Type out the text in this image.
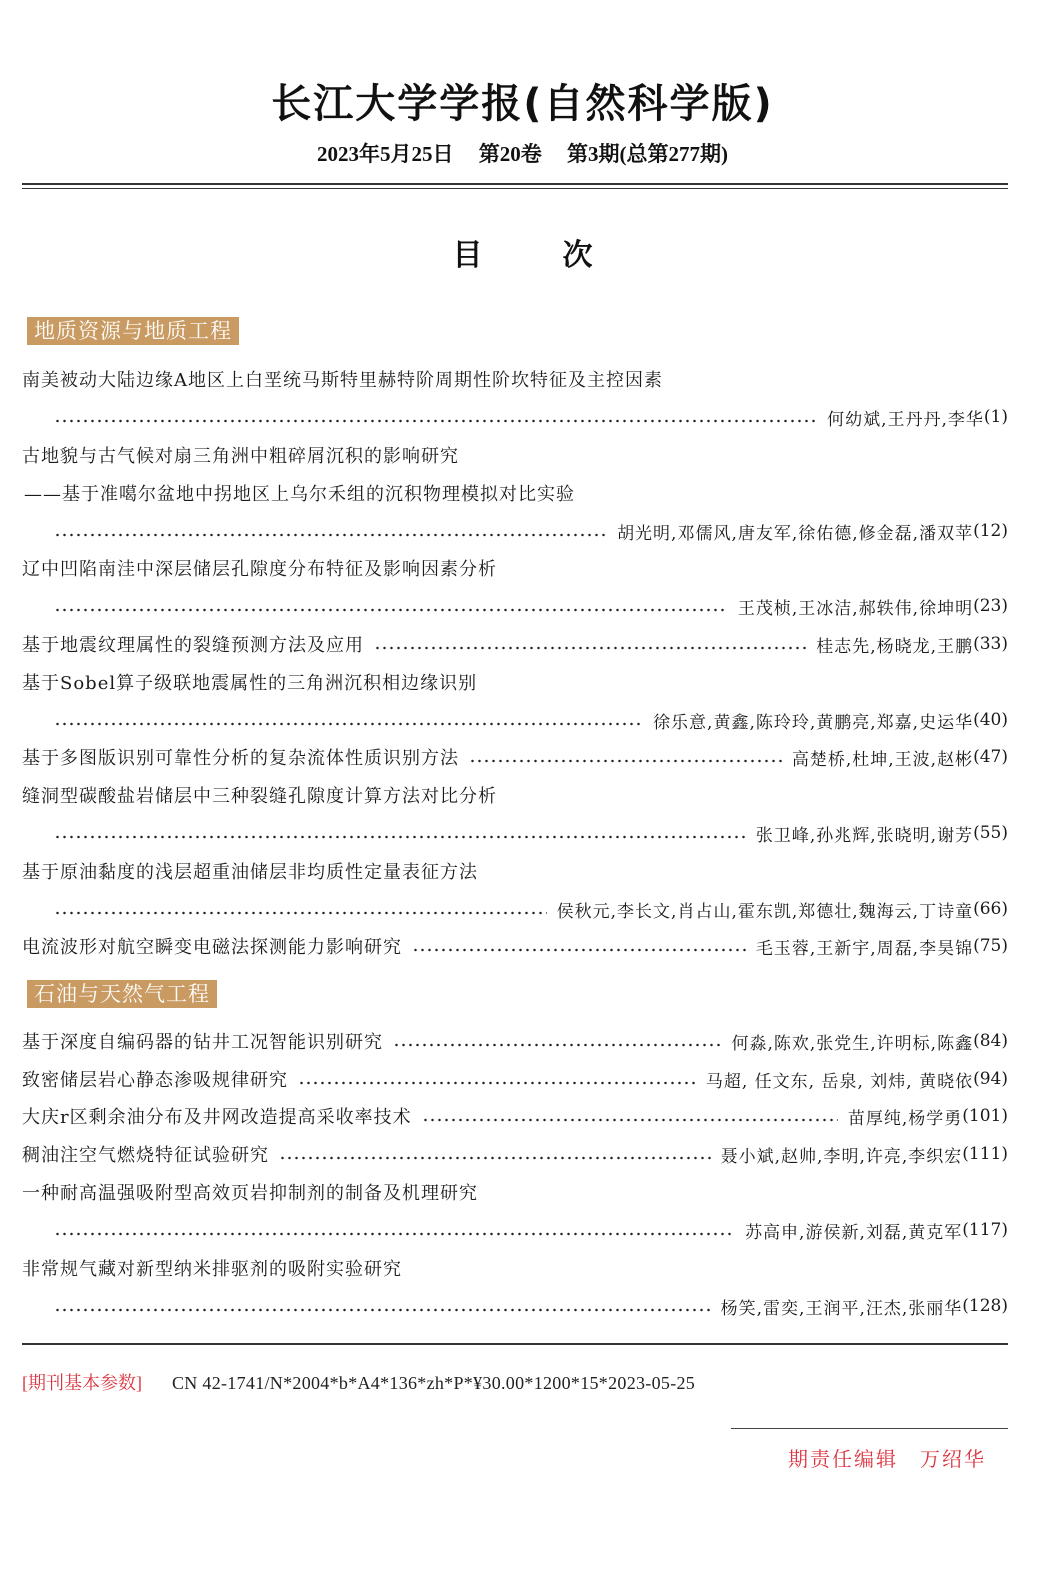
长江大学学报(自然科学版)
2023年5月25日 第20卷 第3期(总第277期)
目	次
地质资源与地质工程
南美被动大陆边缘A地区上白垩统马斯特里赫特阶周期性阶坎特征及主控因素
何幼斌,王丹丹,李华 (1)
古地貌与古气候对扇三角洲中粗碎屑沉积的影响研究
——基于准噶尔盆地中拐地区上乌尔禾组的沉积物理模拟对比实验
胡光明,邓儒风,唐友军,徐佑德,修金磊,潘双苹 (12)
辽中凹陷南洼中深层储层孔隙度分布特征及影响因素分析
王茂桢,王冰洁,郝轶伟,徐坤明 (23)
基于地震纹理属性的裂缝预测方法及应用	桂志先,杨晓龙,王鹏 (33)
基于Sobel算子级联地震属性的三角洲沉积相边缘识别
徐乐意,黄鑫,陈玲玲,黄鹏亮,郑嘉,史运华 (40)
基于多图版识别可靠性分析的复杂流体性质识别方法	高楚桥,杜坤,王波,赵彬 (47)
缝洞型碳酸盐岩储层中三种裂缝孔隙度计算方法对比分析
张卫峰,孙兆辉,张晓明,谢芳 (55)
基于原油黏度的浅层超重油储层非均质性定量表征方法
侯秋元,李长文,肖占山,霍东凯,郑德壮,魏海云,丁诗童 (66)
电流波形对航空瞬变电磁法探测能力影响研究	毛玉蓉,王新宇,周磊,李昊锦 (75)
石油与天然气工程
基于深度自编码器的钻井工况智能识别研究	何淼,陈欢,张党生,许明标,陈鑫 (84)
致密储层岩心静态渗吸规律研究	马超, 任文东, 岳泉, 刘炜, 黄晓依 (94)
大庆r区剩余油分布及井网改造提高采收率技术	苗厚纯,杨学勇 (101)
稠油注空气燃烧特征试验研究	聂小斌,赵帅,李明,许亮,李织宏 (111)
一种耐高温强吸附型高效页岩抑制剂的制备及机理研究
苏高申,游侯新,刘磊,黄克军 (117)
非常规气藏对新型纳米排驱剂的吸附实验研究
杨笑,雷奕,王润平,汪杰,张丽华 (128)
[期刊基本参数] CN 42-1741/N*2004*b*A4*136*zh*P*¥30.00*1200*15*2023-05-25
期责任编辑 万绍华
